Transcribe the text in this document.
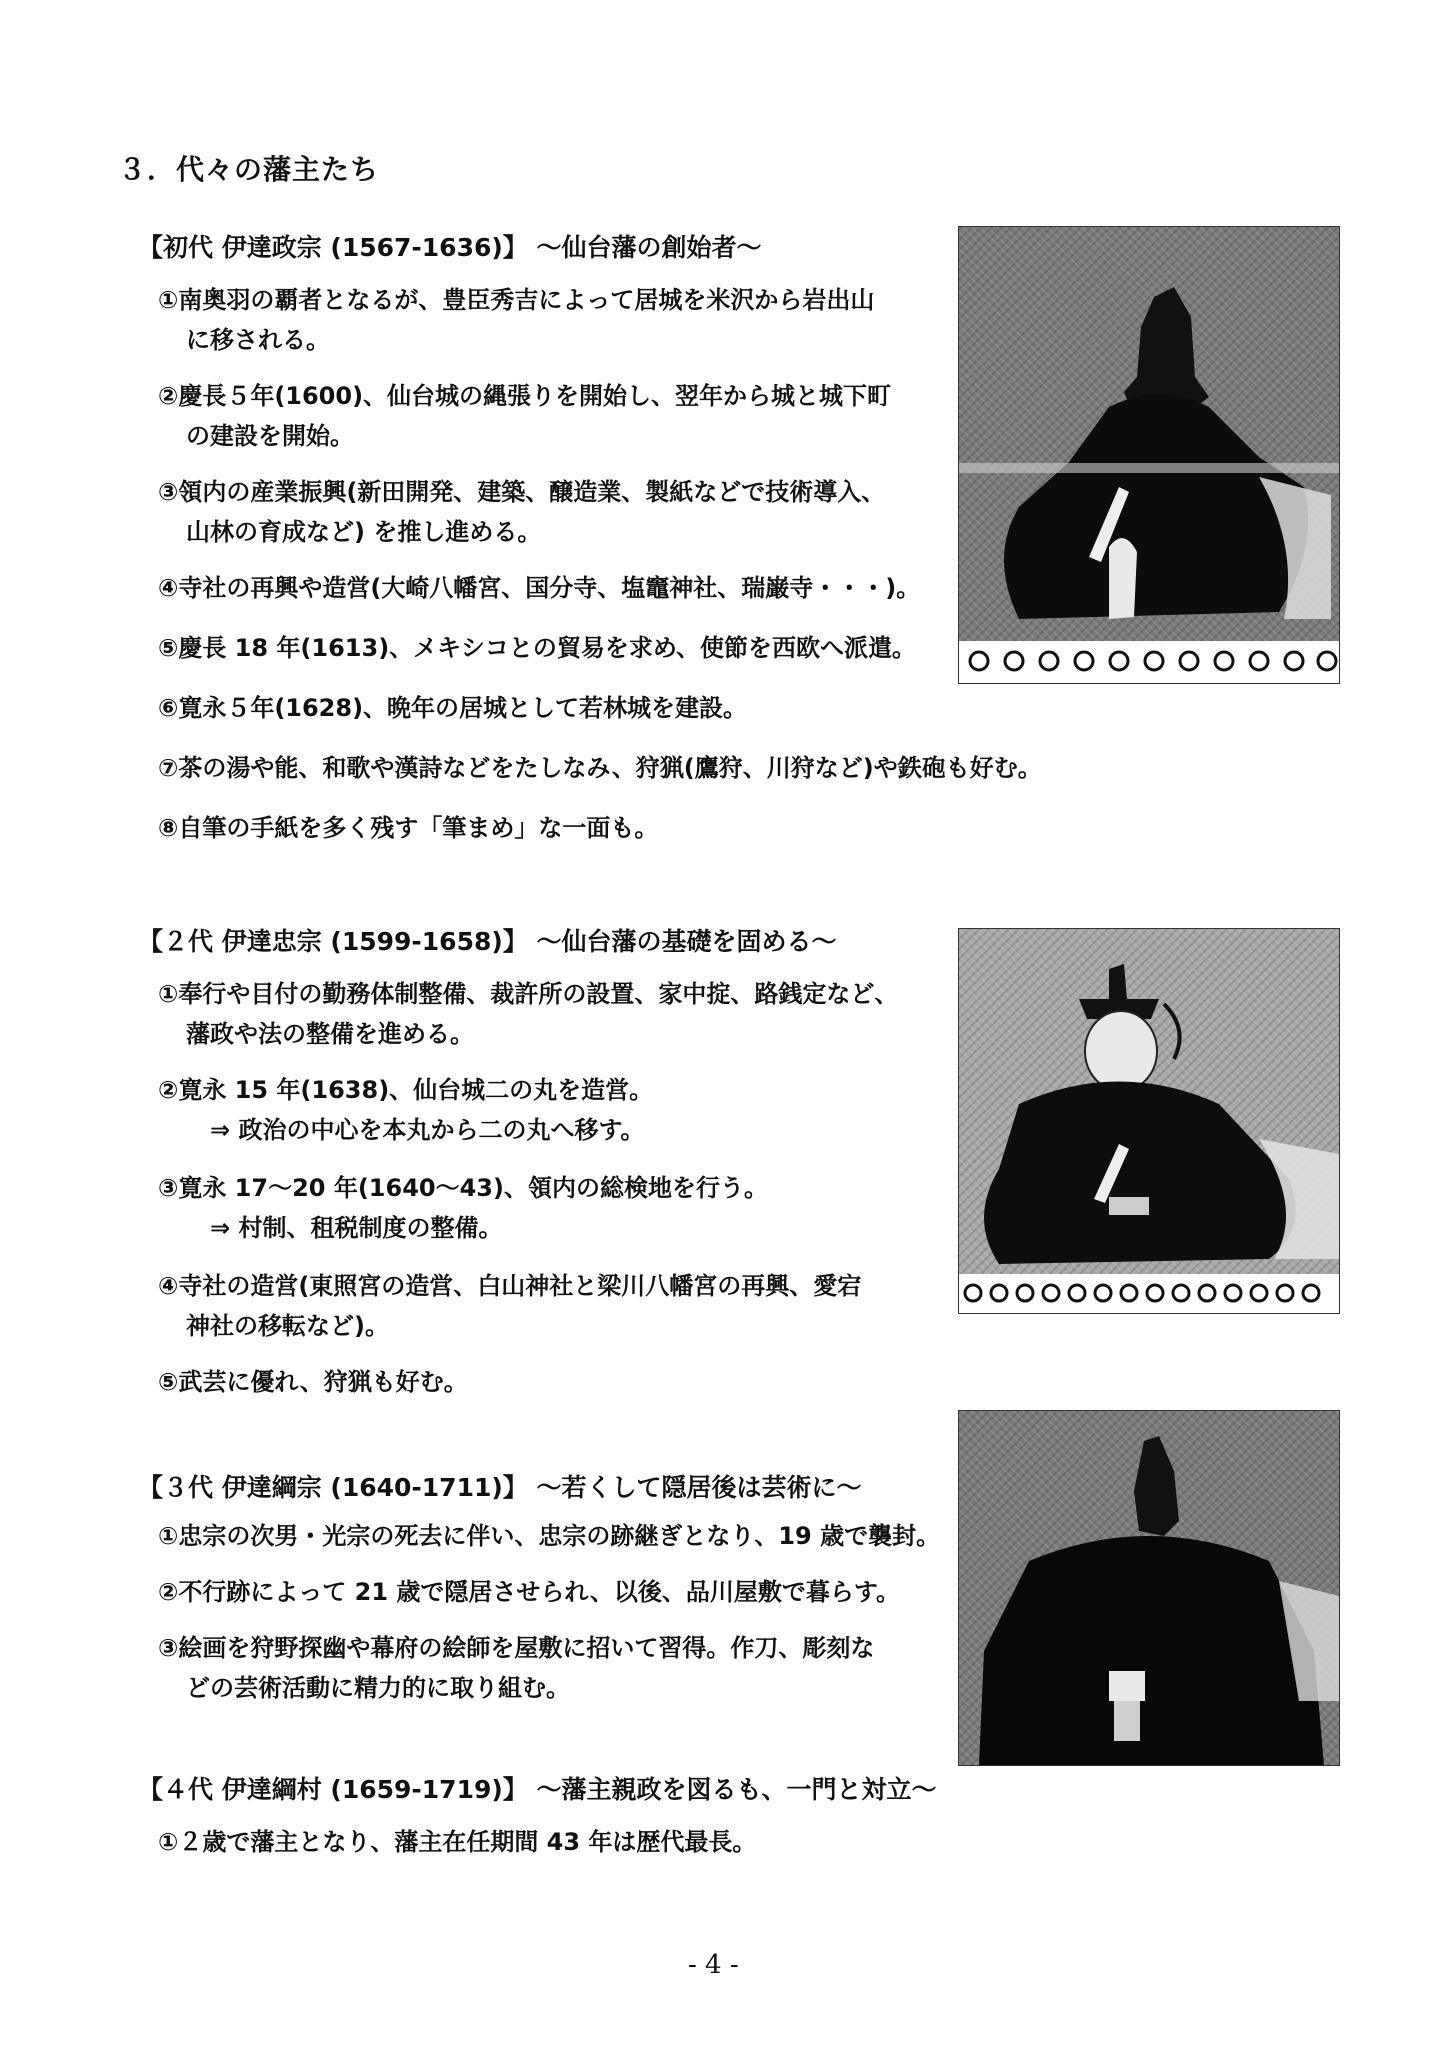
３．代々の藩主たち
【初代 伊達政宗 (1567-1636)】 ～仙台藩の創始者～
①南奥羽の覇者となるが、豊臣秀吉によって居城を米沢から岩出山
に移される。
②慶長５年(1600)、仙台城の縄張りを開始し、翌年から城と城下町
の建設を開始。
③領内の産業振興(新田開発、建築、醸造業、製紙などで技術導入、
山林の育成など) を推し進める。
④寺社の再興や造営(大崎八幡宮、国分寺、塩竈神社、瑞巌寺・・・)。
⑤慶長 18 年(1613)、メキシコとの貿易を求め、使節を西欧へ派遣。
⑥寛永５年(1628)、晩年の居城として若林城を建設。
⑦茶の湯や能、和歌や漢詩などをたしなみ、狩猟(鷹狩、川狩など)や鉄砲も好む。
⑧自筆の手紙を多く残す「筆まめ」な一面も。
【２代 伊達忠宗 (1599-1658)】 ～仙台藩の基礎を固める～
①奉行や目付の勤務体制整備、裁許所の設置、家中掟、路銭定など、
藩政や法の整備を進める。
②寛永 15 年(1638)、仙台城二の丸を造営。
⇒ 政治の中心を本丸から二の丸へ移す。
③寛永 17～20 年(1640～43)、領内の総検地を行う。
⇒ 村制、租税制度の整備。
④寺社の造営(東照宮の造営、白山神社と梁川八幡宮の再興、愛宕
神社の移転など)。
⑤武芸に優れ、狩猟も好む。
【３代 伊達綱宗 (1640-1711)】 ～若くして隠居後は芸術に～
①忠宗の次男・光宗の死去に伴い、忠宗の跡継ぎとなり、19 歳で襲封。
②不行跡によって 21 歳で隠居させられ、以後、品川屋敷で暮らす。
③絵画を狩野探幽や幕府の絵師を屋敷に招いて習得。作刀、彫刻な
どの芸術活動に精力的に取り組む。
【４代 伊達綱村 (1659-1719)】 ～藩主親政を図るも、一門と対立～
①２歳で藩主となり、藩主在任期間 43 年は歴代最長。
- 4 -
